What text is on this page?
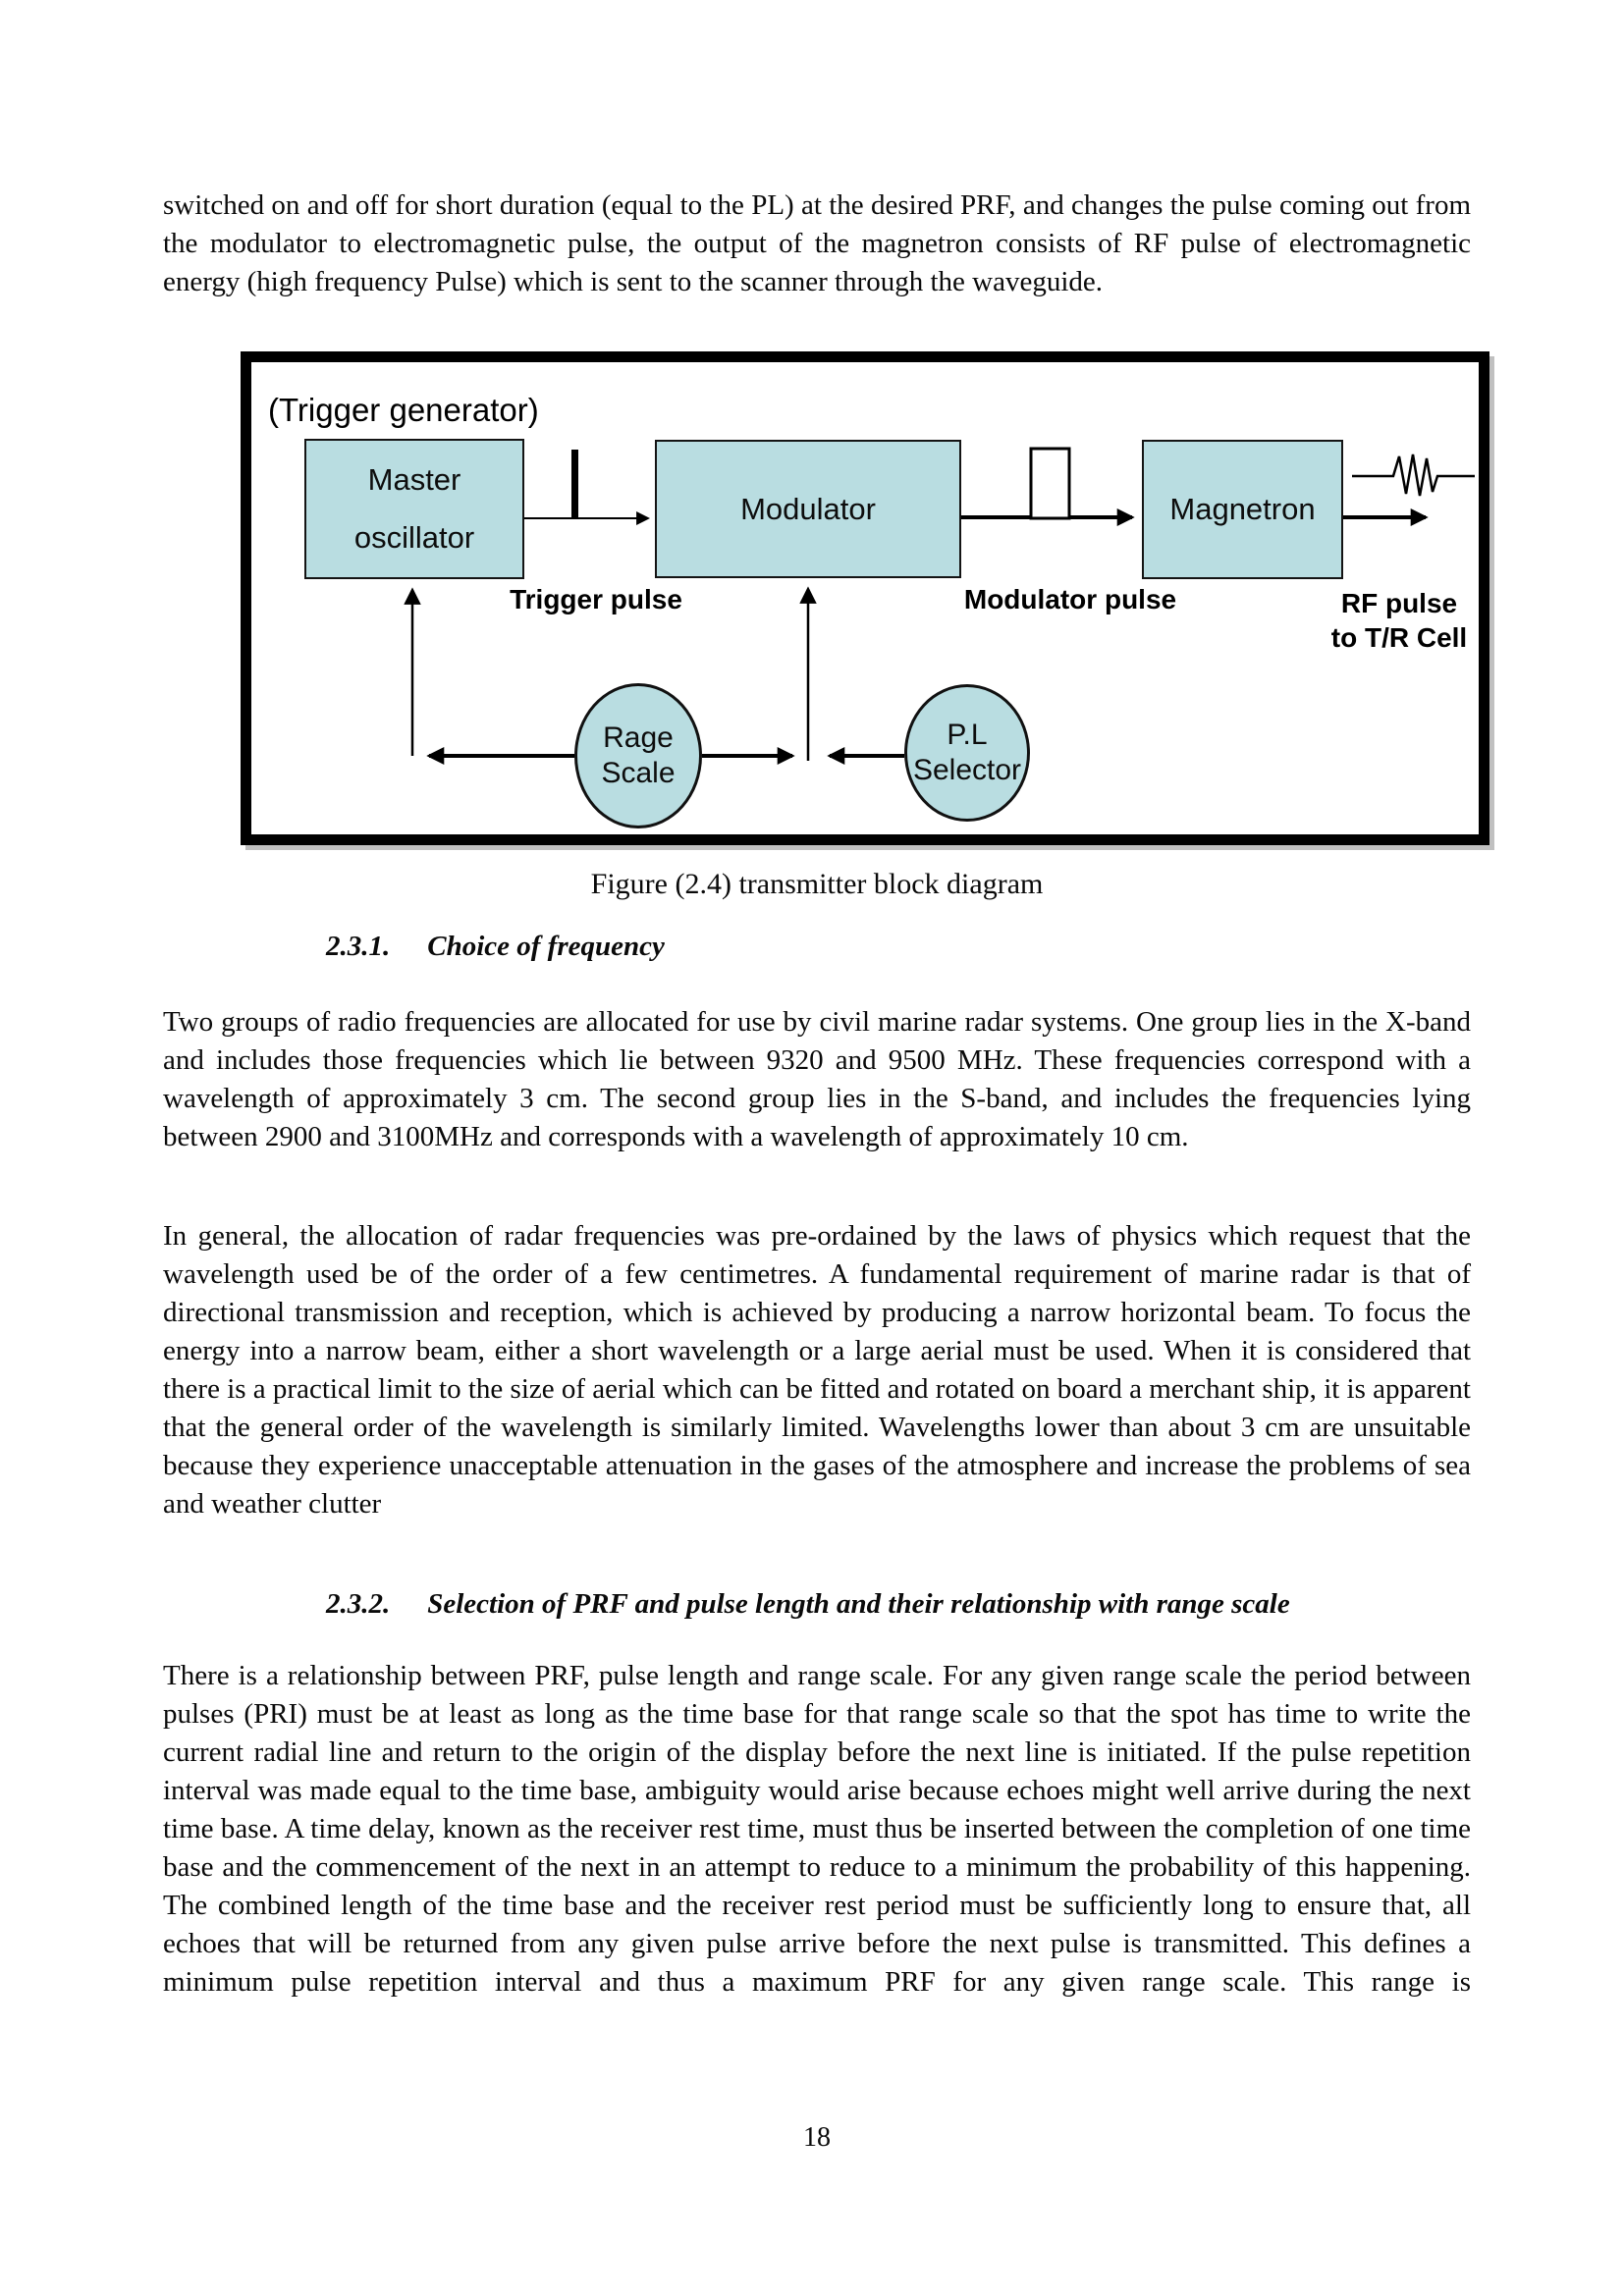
switched on and off for short duration (equal to the PL) at the desired PRF, and changes the pulse coming out from the modulator to electromagnetic pulse, the output of the magnetron consists of RF pulse of electromagnetic energy (high frequency Pulse) which is sent to the scanner through the waveguide.
(Trigger generator)
Master
oscillator
Modulator	Magnetron
Trigger pulse	Modulator pulse	RF pulse
to T/R Cell
Rage
Scale
P.L
Selector
Figure (2.4) transmitter block diagram
2.3.1. Choice of frequency
Two groups of radio frequencies are allocated for use by civil marine radar systems. One group lies in the X-band and includes those frequencies which lie between 9320 and 9500 MHz. These frequencies correspond with a wavelength of approximately 3 cm. The second group lies in the S-band, and includes the frequencies lying between 2900 and 3100MHz and corresponds with a wavelength of approximately 10 cm.
In general, the allocation of radar frequencies was pre-ordained by the laws of physics which request that the wavelength used be of the order of a few centimetres. A fundamental requirement of marine radar is that of directional transmission and reception, which is achieved by producing a narrow horizontal beam. To focus the energy into a narrow beam, either a short wavelength or a large aerial must be used. When it is considered that there is a practical limit to the size of aerial which can be fitted and rotated on board a merchant ship, it is apparent that the general order of the wavelength is similarly limited. Wavelengths lower than about 3 cm are unsuitable because they experience unacceptable attenuation in the gases of the atmosphere and increase the problems of sea and weather clutter
2.3.2. Selection of PRF and pulse length and their relationship with range scale
There is a relationship between PRF, pulse length and range scale. For any given range scale the period between pulses (PRI) must be at least as long as the time base for that range scale so that the spot has time to write the current radial line and return to the origin of the display before the next line is initiated. If the pulse repetition interval was made equal to the time base, ambiguity would arise because echoes might well arrive during the next time base. A time delay, known as the receiver rest time, must thus be inserted between the completion of one time base and the commencement of the next in an attempt to reduce to a minimum the probability of this happening. The combined length of the time base and the receiver rest period must be sufficiently long to ensure that, all echoes that will be returned from any given pulse arrive before the next pulse is transmitted. This defines a minimum pulse repetition interval and thus a maximum PRF for any given range scale. This range is
18
